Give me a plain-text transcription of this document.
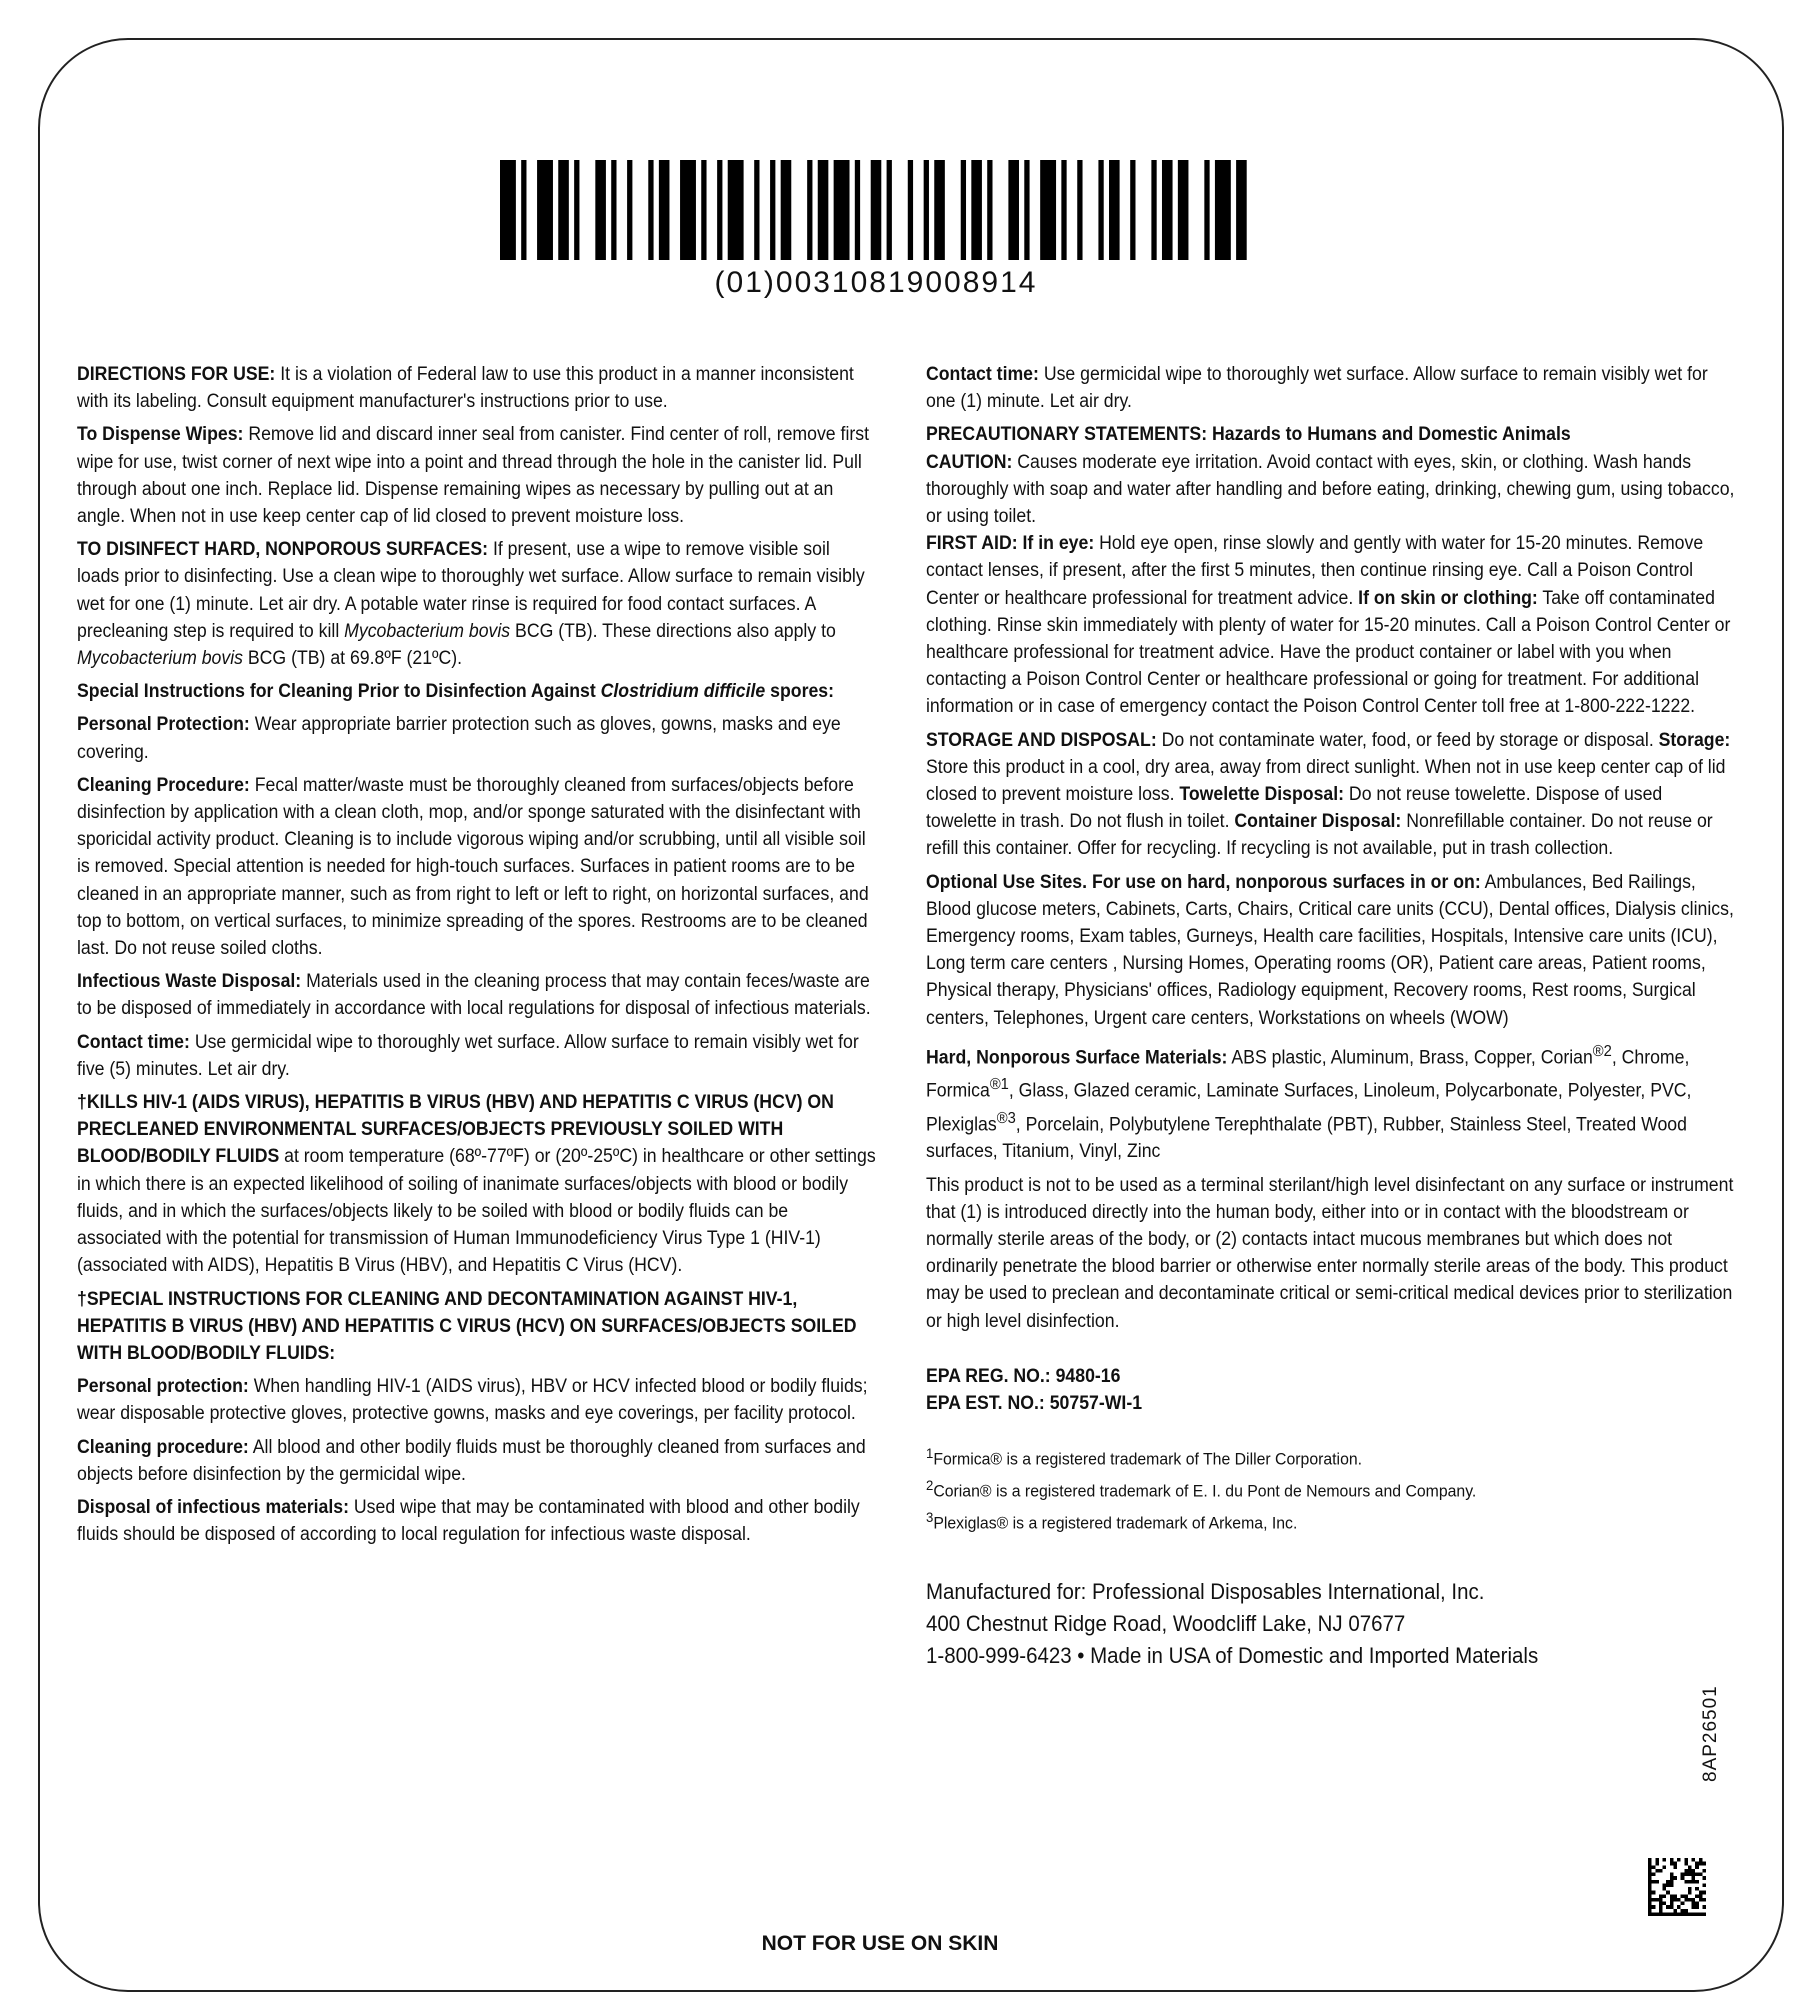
(01)00310819008914

DIRECTIONS FOR USE: It is a violation of Federal law to use this product in a manner inconsistent with its labeling. Consult equipment manufacturer's instructions prior to use.

To Dispense Wipes: Remove lid and discard inner seal from canister. Find center of roll, remove first wipe for use, twist corner of next wipe into a point and thread through the hole in the canister lid. Pull through about one inch. Replace lid. Dispense remaining wipes as necessary by pulling out at an angle. When not in use keep center cap of lid closed to prevent moisture loss.

TO DISINFECT HARD, NONPOROUS SURFACES: If present, use a wipe to remove visible soil loads prior to disinfecting. Use a clean wipe to thoroughly wet surface. Allow surface to remain visibly wet for one (1) minute. Let air dry. A potable water rinse is required for food contact surfaces. A precleaning step is required to kill Mycobacterium bovis BCG (TB). These directions also apply to Mycobacterium bovis BCG (TB) at 69.8ºF (21ºC).

Special Instructions for Cleaning Prior to Disinfection Against Clostridium difficile spores:

Personal Protection: Wear appropriate barrier protection such as gloves, gowns, masks and eye covering.

Cleaning Procedure: Fecal matter/waste must be thoroughly cleaned from surfaces/objects before disinfection by application with a clean cloth, mop, and/or sponge saturated with the disinfectant with sporicidal activity product. Cleaning is to include vigorous wiping and/or scrubbing, until all visible soil is removed. Special attention is needed for high-touch surfaces. Surfaces in patient rooms are to be cleaned in an appropriate manner, such as from right to left or left to right, on horizontal surfaces, and top to bottom, on vertical surfaces, to minimize spreading of the spores. Restrooms are to be cleaned last. Do not reuse soiled cloths.

Infectious Waste Disposal: Materials used in the cleaning process that may contain feces/waste are to be disposed of immediately in accordance with local regulations for disposal of infectious materials.

Contact time: Use germicidal wipe to thoroughly wet surface. Allow surface to remain visibly wet for five (5) minutes. Let air dry.

†KILLS HIV-1 (AIDS VIRUS), HEPATITIS B VIRUS (HBV) AND HEPATITIS C VIRUS (HCV) ON PRECLEANED ENVIRONMENTAL SURFACES/OBJECTS PREVIOUSLY SOILED WITH BLOOD/BODILY FLUIDS at room temperature (68º-77ºF) or (20º-25ºC) in healthcare or other settings in which there is an expected likelihood of soiling of inanimate surfaces/objects with blood or bodily fluids, and in which the surfaces/objects likely to be soiled with blood or bodily fluids can be associated with the potential for transmission of Human Immunodeficiency Virus Type 1 (HIV-1) (associated with AIDS), Hepatitis B Virus (HBV), and Hepatitis C Virus (HCV).

†SPECIAL INSTRUCTIONS FOR CLEANING AND DECONTAMINATION AGAINST HIV-1, HEPATITIS B VIRUS (HBV) AND HEPATITIS C VIRUS (HCV) ON SURFACES/OBJECTS SOILED WITH BLOOD/BODILY FLUIDS:

Personal protection: When handling HIV-1 (AIDS virus), HBV or HCV infected blood or bodily fluids; wear disposable protective gloves, protective gowns, masks and eye coverings, per facility protocol.

Cleaning procedure: All blood and other bodily fluids must be thoroughly cleaned from surfaces and objects before disinfection by the germicidal wipe.

Disposal of infectious materials: Used wipe that may be contaminated with blood and other bodily fluids should be disposed of according to local regulation for infectious waste disposal.

Contact time: Use germicidal wipe to thoroughly wet surface. Allow surface to remain visibly wet for one (1) minute. Let air dry.

PRECAUTIONARY STATEMENTS: Hazards to Humans and Domestic Animals
CAUTION: Causes moderate eye irritation. Avoid contact with eyes, skin, or clothing. Wash hands thoroughly with soap and water after handling and before eating, drinking, chewing gum, using tobacco, or using toilet.

FIRST AID: If in eye: Hold eye open, rinse slowly and gently with water for 15-20 minutes. Remove contact lenses, if present, after the first 5 minutes, then continue rinsing eye. Call a Poison Control Center or healthcare professional for treatment advice. If on skin or clothing: Take off contaminated clothing. Rinse skin immediately with plenty of water for 15-20 minutes. Call a Poison Control Center or healthcare professional for treatment advice. Have the product container or label with you when contacting a Poison Control Center or healthcare professional or going for treatment. For additional information or in case of emergency contact the Poison Control Center toll free at 1-800-222-1222.

STORAGE AND DISPOSAL: Do not contaminate water, food, or feed by storage or disposal. Storage: Store this product in a cool, dry area, away from direct sunlight. When not in use keep center cap of lid closed to prevent moisture loss. Towelette Disposal: Do not reuse towelette. Dispose of used towelette in trash. Do not flush in toilet. Container Disposal: Nonrefillable container. Do not reuse or refill this container. Offer for recycling. If recycling is not available, put in trash collection.

Optional Use Sites. For use on hard, nonporous surfaces in or on: Ambulances, Bed Railings, Blood glucose meters, Cabinets, Carts, Chairs, Critical care units (CCU), Dental offices, Dialysis clinics, Emergency rooms, Exam tables, Gurneys, Health care facilities, Hospitals, Intensive care units (ICU), Long term care centers , Nursing Homes, Operating rooms (OR), Patient care areas, Patient rooms, Physical therapy, Physicians' offices, Radiology equipment, Recovery rooms, Rest rooms, Surgical centers, Telephones, Urgent care centers, Workstations on wheels (WOW)

Hard, Nonporous Surface Materials: ABS plastic, Aluminum, Brass, Copper, Corian$^{®2}$, Chrome, Formica$^{®1}$, Glass, Glazed ceramic, Laminate Surfaces, Linoleum, Polycarbonate, Polyester, PVC, Plexiglas$^{®3}$, Porcelain, Polybutylene Terephthalate (PBT), Rubber, Stainless Steel, Treated Wood surfaces, Titanium, Vinyl, Zinc

This product is not to be used as a terminal sterilant/high level disinfectant on any surface or instrument that (1) is introduced directly into the human body, either into or in contact with the bloodstream or normally sterile areas of the body, or (2) contacts intact mucous membranes but which does not ordinarily penetrate the blood barrier or otherwise enter normally sterile areas of the body. This product may be used to preclean and decontaminate critical or semi-critical medical devices prior to sterilization or high level disinfection.

EPA REG. NO.: 9480-16
EPA EST. NO.: 50757-WI-1
$^1$Formica® is a registered trademark of The Diller Corporation.
$^2$Corian® is a registered trademark of E. I. du Pont de Nemours and Company.
$^3$Plexiglas® is a registered trademark of Arkema, Inc.
Manufactured for: Professional Disposables International, Inc.
400 Chestnut Ridge Road, Woodcliff Lake, NJ 07677
1-800-999-6423 • Made in USA of Domestic and Imported Materials
8AP26501
NOT FOR USE ON SKIN
